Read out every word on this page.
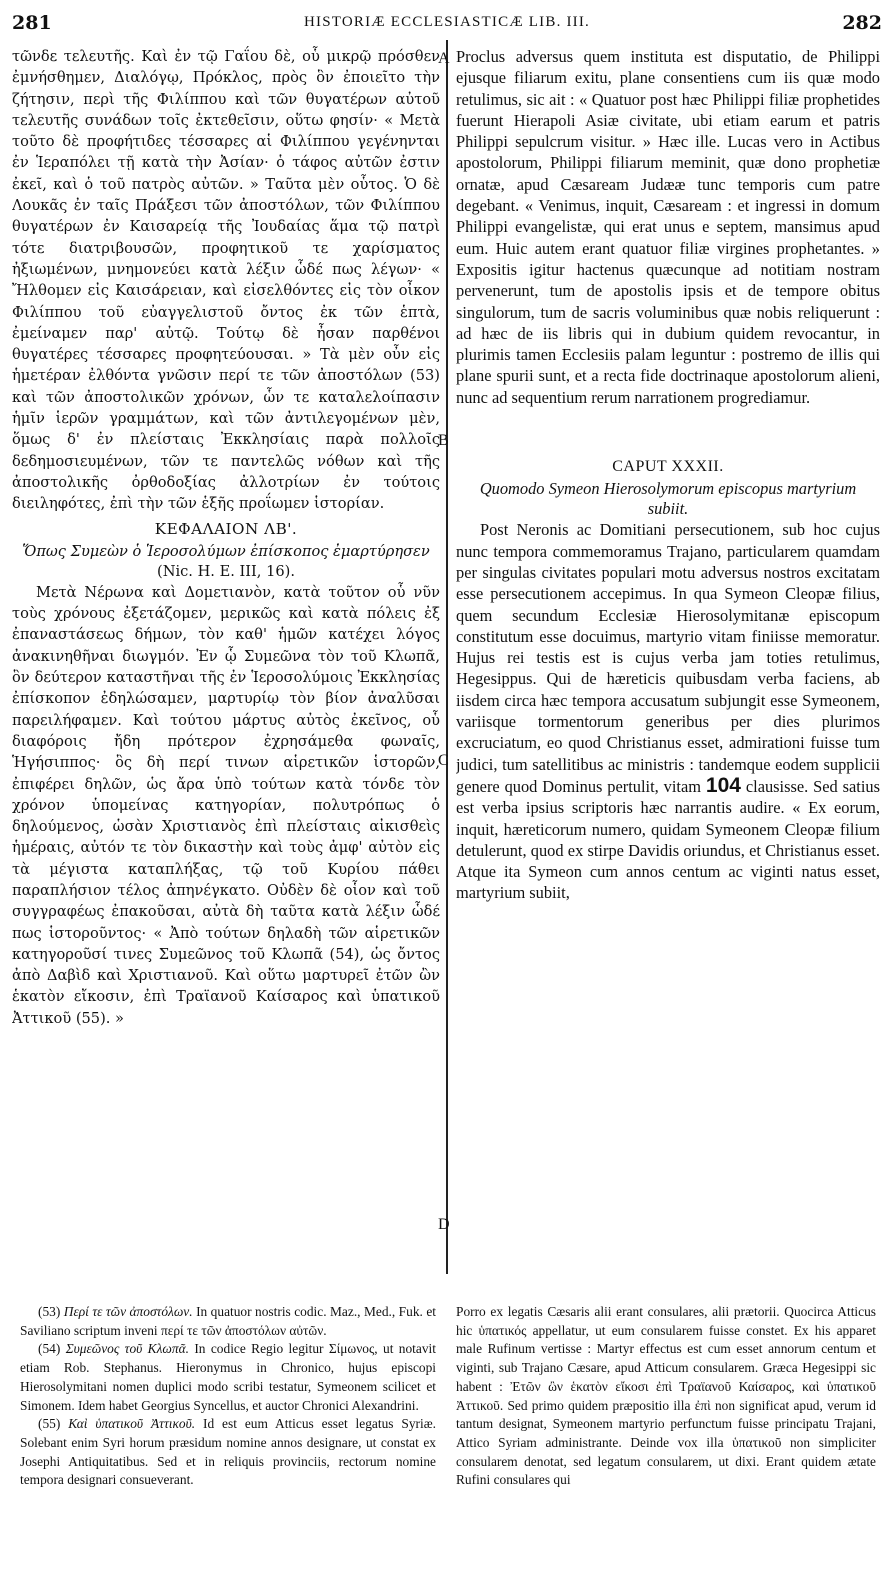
281	HISTORIÆ ECCLESIASTICÆ LIB. III.	282
A
B
C
D

τῶνδε τελευτῆς. Καὶ ἐν τῷ Γαΐου δὲ, οὗ μικρῷ πρόσθεν ἐμνήσθημεν, Διαλόγῳ, Πρόκλος, πρὸς ὃν ἐποιεῖτο τὴν ζήτησιν, περὶ τῆς Φιλίππου καὶ τῶν θυγατέρων αὐτοῦ τελευτῆς συνάδων τοῖς ἐκτεθεῖσιν, οὕτω φησίν· « Μετὰ τοῦτο δὲ προφήτιδες τέσσαρες αἱ Φιλίππου γεγένηνται ἐν Ἱεραπόλει τῇ κατὰ τὴν Ἀσίαν· ὁ τάφος αὐτῶν ἐστιν ἐκεῖ, καὶ ὁ τοῦ πατρὸς αὐτῶν. » Ταῦτα μὲν οὗτος. Ὁ δὲ Λουκᾶς ἐν ταῖς Πράξεσι τῶν ἀποστόλων, τῶν Φιλίππου θυγατέρων ἐν Καισαρείᾳ τῆς Ἰουδαίας ἅμα τῷ πατρὶ τότε διατριβουσῶν, προφητικοῦ τε χαρίσματος ἠξιωμένων, μνημονεύει κατὰ λέξιν ὧδέ πως λέγων· « Ἤλθομεν εἰς Καισάρειαν, καὶ εἰσελθόντες εἰς τὸν οἶκον Φιλίππου τοῦ εὐαγγελιστοῦ ὄντος ἐκ τῶν ἑπτὰ, ἐμείναμεν παρ' αὐτῷ. Τούτῳ δὲ ἦσαν παρθένοι θυγατέρες τέσσαρες προφητεύουσαι. » Τὰ μὲν οὖν εἰς ἡμετέραν ἐλθόντα γνῶσιν περί τε τῶν ἀποστόλων (53) καὶ τῶν ἀποστολικῶν χρόνων, ὧν τε καταλελοίπασιν ἡμῖν ἱερῶν γραμμάτων, καὶ τῶν ἀντιλεγομένων μὲν, ὅμως δ' ἐν πλείσταις Ἐκκλησίαις παρὰ πολλοῖς δεδημοσιευμένων, τῶν τε παντελῶς νόθων καὶ τῆς ἀποστολικῆς ὀρθοδοξίας ἀλλοτρίων ἐν τούτοις διειληφότες, ἐπὶ τὴν τῶν ἑξῆς προΐωμεν ἱστορίαν.

ΚΕΦΑΛΑΙΟΝ ΛΒ'.
Ὅπως Συμεὼν ὁ Ἱεροσολύμων ἐπίσκοπος ἐμαρτύρησεν (Nic. H. E. III, 16).

Μετὰ Νέρωνα καὶ Δομετιανὸν, κατὰ τοῦτον οὗ νῦν τοὺς χρόνους ἐξετάζομεν, μερικῶς καὶ κατὰ πόλεις ἐξ ἐπαναστάσεως δήμων, τὸν καθ' ἡμῶν κατέχει λόγος ἀνακινηθῆναι διωγμόν. Ἐν ᾧ Συμεῶνα τὸν τοῦ Κλωπᾶ, ὃν δεύτερον καταστῆναι τῆς ἐν Ἱεροσολύμοις Ἐκκλησίας ἐπίσκοπον ἐδηλώσαμεν, μαρτυρίῳ τὸν βίον ἀναλῦσαι παρειλήφαμεν. Καὶ τούτου μάρτυς αὐτὸς ἐκεῖνος, οὗ διαφόροις ἤδη πρότερον ἐχρησάμεθα φωναῖς, Ἡγήσιππος· ὃς δὴ περί τινων αἱρετικῶν ἱστορῶν, ἐπιφέρει δηλῶν, ὡς ἄρα ὑπὸ τούτων κατὰ τόνδε τὸν χρόνον ὑπομείνας κατηγορίαν, πολυτρόπως ὁ δηλούμενος, ὡσὰν Χριστιανὸς ἐπὶ πλείσταις αἰκισθεὶς ἡμέραις, αὐτόν τε τὸν δικαστὴν καὶ τοὺς ἀμφ' αὐτὸν εἰς τὰ μέγιστα καταπλήξας, τῷ τοῦ Κυρίου πάθει παραπλήσιον τέλος ἀπηνέγκατο. Οὐδὲν δὲ οἷον καὶ τοῦ συγγραφέως ἐπακοῦσαι, αὐτὰ δὴ ταῦτα κατὰ λέξιν ὧδέ πως ἱστοροῦντος· « Ἀπὸ τούτων δηλαδὴ τῶν αἱρετικῶν κατηγοροῦσί τινες Συμεῶνος τοῦ Κλωπᾶ (54), ὡς ὄντος ἀπὸ Δαβὶδ καὶ Χριστιανοῦ. Καὶ οὕτω μαρτυρεῖ ἐτῶν ὢν ἑκατὸν εἴκοσιν, ἐπὶ Τραϊανοῦ Καίσαρος καὶ ὑπατικοῦ Ἀττικοῦ (55). »

Proclus adversus quem instituta est disputatio, de Philippi ejusque filiarum exitu, plane consentiens cum iis quæ modo retulimus, sic ait : « Quatuor post hæc Philippi filiæ prophetides fuerunt Hierapoli Asiæ civitate, ubi etiam earum et patris Philippi sepulcrum visitur. » Hæc ille. Lucas vero in Actibus apostolorum, Philippi filiarum meminit, quæ dono prophetiæ ornatæ, apud Cæsaream Judææ tunc temporis cum patre degebant. « Venimus, inquit, Cæsaream : et ingressi in domum Philippi evangelistæ, qui erat unus e septem, mansimus apud eum. Huic autem erant quatuor filiæ virgines prophetantes. » Expositis igitur hactenus quæcunque ad notitiam nostram pervenerunt, tum de apostolis ipsis et de tempore obitus singulorum, tum de sacris voluminibus quæ nobis reliquerunt : ad hæc de iis libris qui in dubium quidem revocantur, in plurimis tamen Ecclesiis palam leguntur : postremo de illis qui plane spurii sunt, et a recta fide doctrinaque apostolorum alieni, nunc ad sequentium rerum narrationem progrediamur.

CAPUT XXXII.
Quomodo Symeon Hierosolymorum episcopus martyrium subiit.

Post Neronis ac Domitiani persecutionem, sub hoc cujus nunc tempora commemoramus Trajano, particularem quamdam per singulas civitates populari motu adversus nostros excitatam esse persecutionem accepimus. In qua Symeon Cleopæ filius, quem secundum Ecclesiæ Hierosolymitanæ episcopum constitutum esse docuimus, martyrio vitam finiisse memoratur. Hujus rei testis est is cujus verba jam toties retulimus, Hegesippus. Qui de hæreticis quibusdam verba faciens, ab iisdem circa hæc tempora accusatum subjungit esse Symeonem, variisque tormentorum generibus per dies plurimos excruciatum, eo quod Christianus esset, admirationi fuisse tum judici, tum satellitibus ac ministris : tandemque eodem supplicii genere quod Dominus pertulit, vitam 104 clausisse. Sed satius est verba ipsius scriptoris hæc narrantis audire. « Ex eorum, inquit, hæreticorum numero, quidam Symeonem Cleopæ filium detulerunt, quod ex stirpe Davidis oriundus, et Christianus esset. Atque ita Symeon cum annos centum ac viginti natus esset, martyrium subiit,

(53) Περί τε τῶν ἀποστόλων. In quatuor nostris codic. Maz., Med., Fuk. et Saviliano scriptum inveni περί τε τῶν ἀποστόλων αὐτῶν.

(54) Συμεῶνος τοῦ Κλωπᾶ. In codice Regio legitur Σίμωνος, ut notavit etiam Rob. Stephanus. Hieronymus in Chronico, hujus episcopi Hierosolymitani nomen duplici modo scribi testatur, Symeonem scilicet et Simonem. Idem habet Georgius Syncellus, et auctor Chronici Alexandrini.

(55) Καὶ ὑπατικοῦ Ἀττικοῦ. Id est eum Atticus esset legatus Syriæ. Solebant enim Syri horum præsidum nomine annos designare, ut constat ex Josephi Antiquitatibus. Sed et in reliquis provinciis, rectorum nomine tempora designari consueverant.

Porro ex legatis Cæsaris alii erant consulares, alii prætorii. Quocirca Atticus hic ὑπατικός appellatur, ut eum consularem fuisse constet. Ex his apparet male Rufinum vertisse : Martyr effectus est cum esset annorum centum et viginti, sub Trajano Cæsare, apud Atticum consularem. Græca Hegesippi sic habent : Ἐτῶν ὢν ἑκατὸν εἴκοσι ἐπὶ Τραϊανοῦ Καίσαρος, καὶ ὑπατικοῦ Ἀττικοῦ. Sed primo quidem præpositio illa ἐπὶ non significat apud, verum id tantum designat, Symeonem martyrio perfunctum fuisse principatu Trajani, Attico Syriam administrante. Deinde vox illa ὑπατικοῦ non simpliciter consularem denotat, sed legatum consularem, ut dixi. Erant quidem ætate Rufini consulares qui
